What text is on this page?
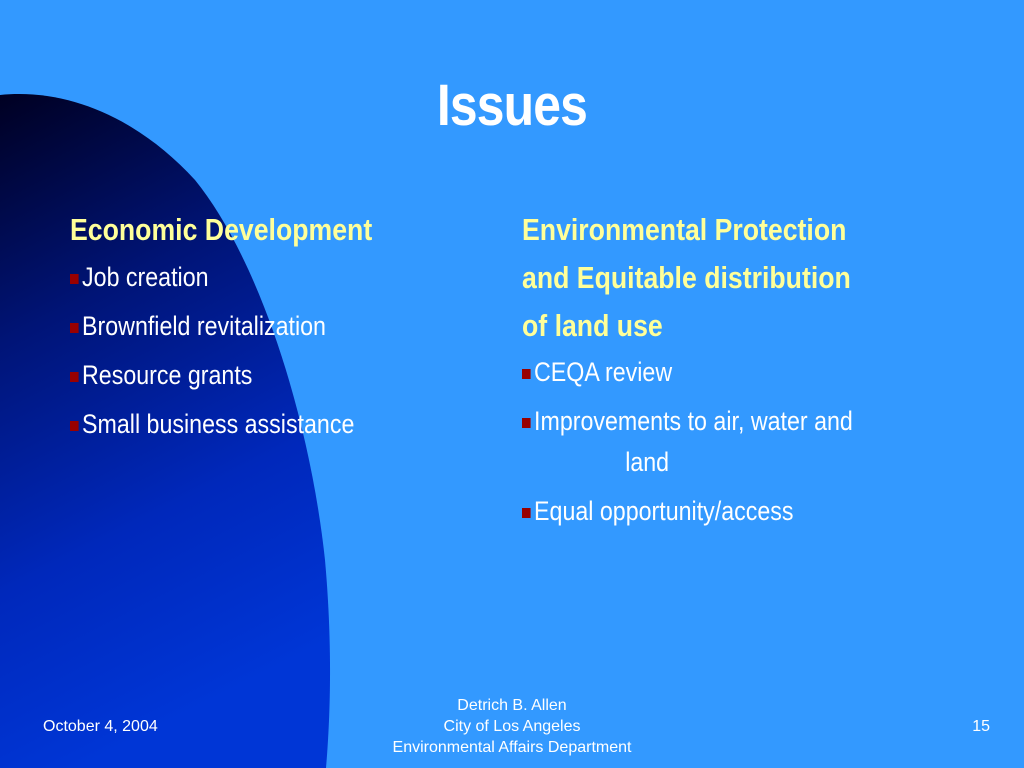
Issues
Economic Development
Job creation
Brownfield revitalization
Resource grants
Small business assistance
Environmental Protection
and Equitable distribution
of land use
CEQA review
Improvements to air, water and
land
Equal opportunity/access
October 4, 2004
Detrich B. Allen
City of Los Angeles
Environmental Affairs Department
15
